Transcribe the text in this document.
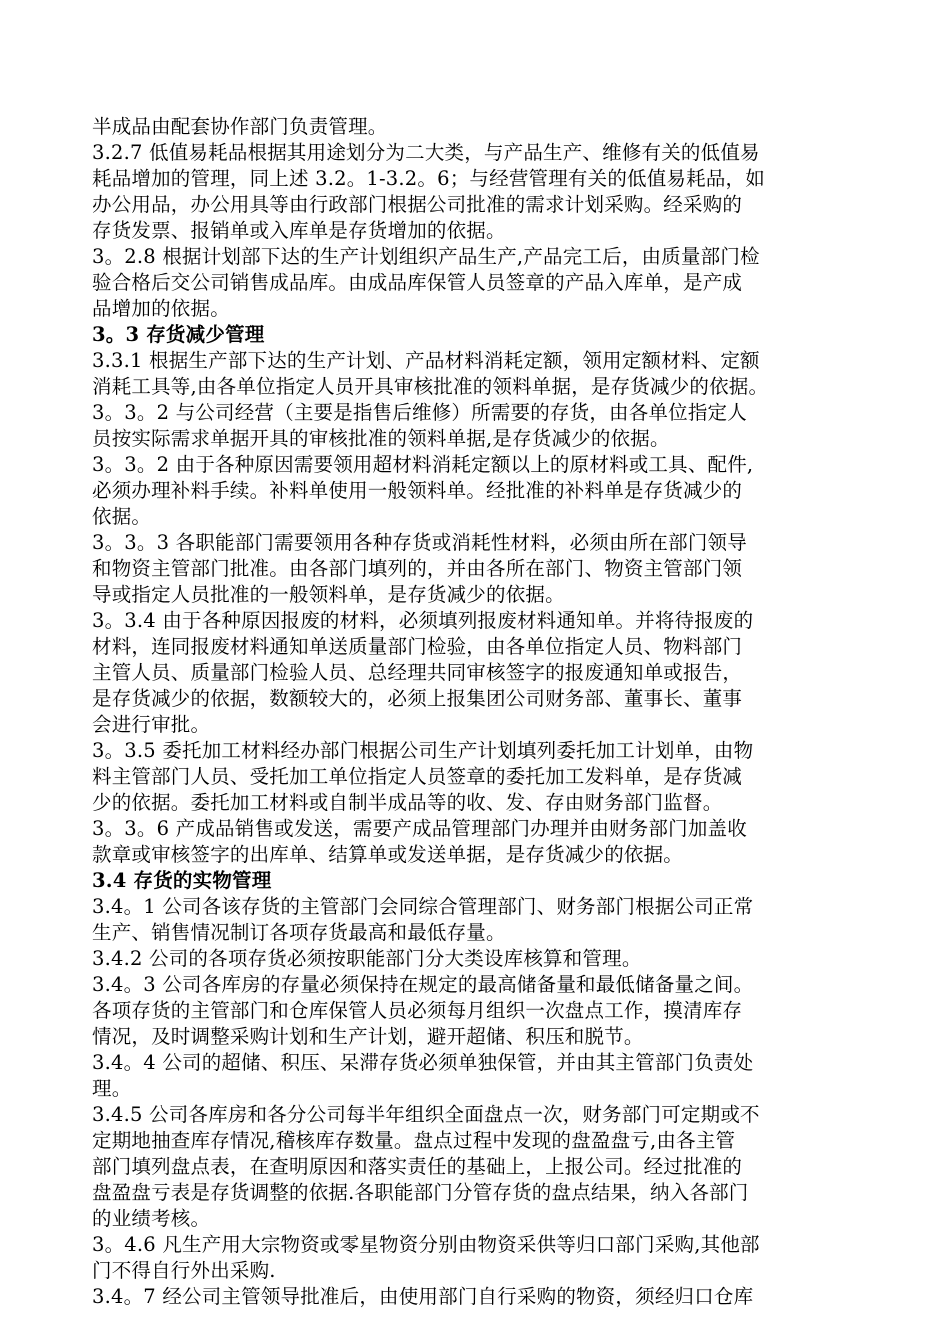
半成品由配套协作部门负责管理。

3.2.7 低值易耗品根据其用途划分为二大类，与产品生产、维修有关的低值易

耗品增加的管理，同上述 3.2。1-3.2。6；与经营管理有关的低值易耗品，如

办公用品，办公用具等由行政部门根据公司批准的需求计划采购。经采购的

存货发票、报销单或入库单是存货增加的依据。

3。2.8 根据计划部下达的生产计划组织产品生产,产品完工后，由质量部门检

验合格后交公司销售成品库。由成品库保管人员签章的产品入库单，是产成

品增加的依据。

3。3 存货减少管理

3.3.1 根据生产部下达的生产计划、产品材料消耗定额，领用定额材料、定额

消耗工具等,由各单位指定人员开具审核批准的领料单据，是存货减少的依据。

3。3。2 与公司经营（主要是指售后维修）所需要的存货，由各单位指定人

员按实际需求单据开具的审核批准的领料单据,是存货减少的依据。

3。3。2 由于各种原因需要领用超材料消耗定额以上的原材料或工具、配件,

必须办理补料手续。补料单使用一般领料单。经批准的补料单是存货减少的

依据。

3。3。3 各职能部门需要领用各种存货或消耗性材料，必须由所在部门领导

和物资主管部门批准。由各部门填列的，并由各所在部门、物资主管部门领

导或指定人员批准的一般领料单，是存货减少的依据。

3。3.4 由于各种原因报废的材料，必须填列报废材料通知单。并将待报废的

材料，连同报废材料通知单送质量部门检验，由各单位指定人员、物料部门

主管人员、质量部门检验人员、总经理共同审核签字的报废通知单或报告，

是存货减少的依据，数额较大的，必须上报集团公司财务部、董事长、董事

会进行审批。

3。3.5 委托加工材料经办部门根据公司生产计划填列委托加工计划单，由物

料主管部门人员、受托加工单位指定人员签章的委托加工发料单，是存货减

少的依据。委托加工材料或自制半成品等的收、发、存由财务部门监督。

3。3。6 产成品销售或发送，需要产成品管理部门办理并由财务部门加盖收

款章或审核签字的出库单、结算单或发送单据，是存货减少的依据。

3.4 存货的实物管理

3.4。1 公司各该存货的主管部门会同综合管理部门、财务部门根据公司正常

生产、销售情况制订各项存货最高和最低存量。

3.4.2 公司的各项存货必须按职能部门分大类设库核算和管理。

3.4。3 公司各库房的存量必须保持在规定的最高储备量和最低储备量之间。

各项存货的主管部门和仓库保管人员必须每月组织一次盘点工作，摸清库存

情况，及时调整采购计划和生产计划，避开超储、积压和脱节。

3.4。4 公司的超储、积压、呆滞存货必须单独保管，并由其主管部门负责处

理。

3.4.5 公司各库房和各分公司每半年组织全面盘点一次，财务部门可定期或不

定期地抽查库存情况,稽核库存数量。盘点过程中发现的盘盈盘亏,由各主管

部门填列盘点表，在查明原因和落实责任的基础上，上报公司。经过批准的

盘盈盘亏表是存货调整的依据.各职能部门分管存货的盘点结果，纳入各部门

的业绩考核。

3。4.6 凡生产用大宗物资或零星物资分别由物资采供等归口部门采购,其他部

门不得自行外出采购.

3.4。7 经公司主管领导批准后，由使用部门自行采购的物资，须经归口仓库
